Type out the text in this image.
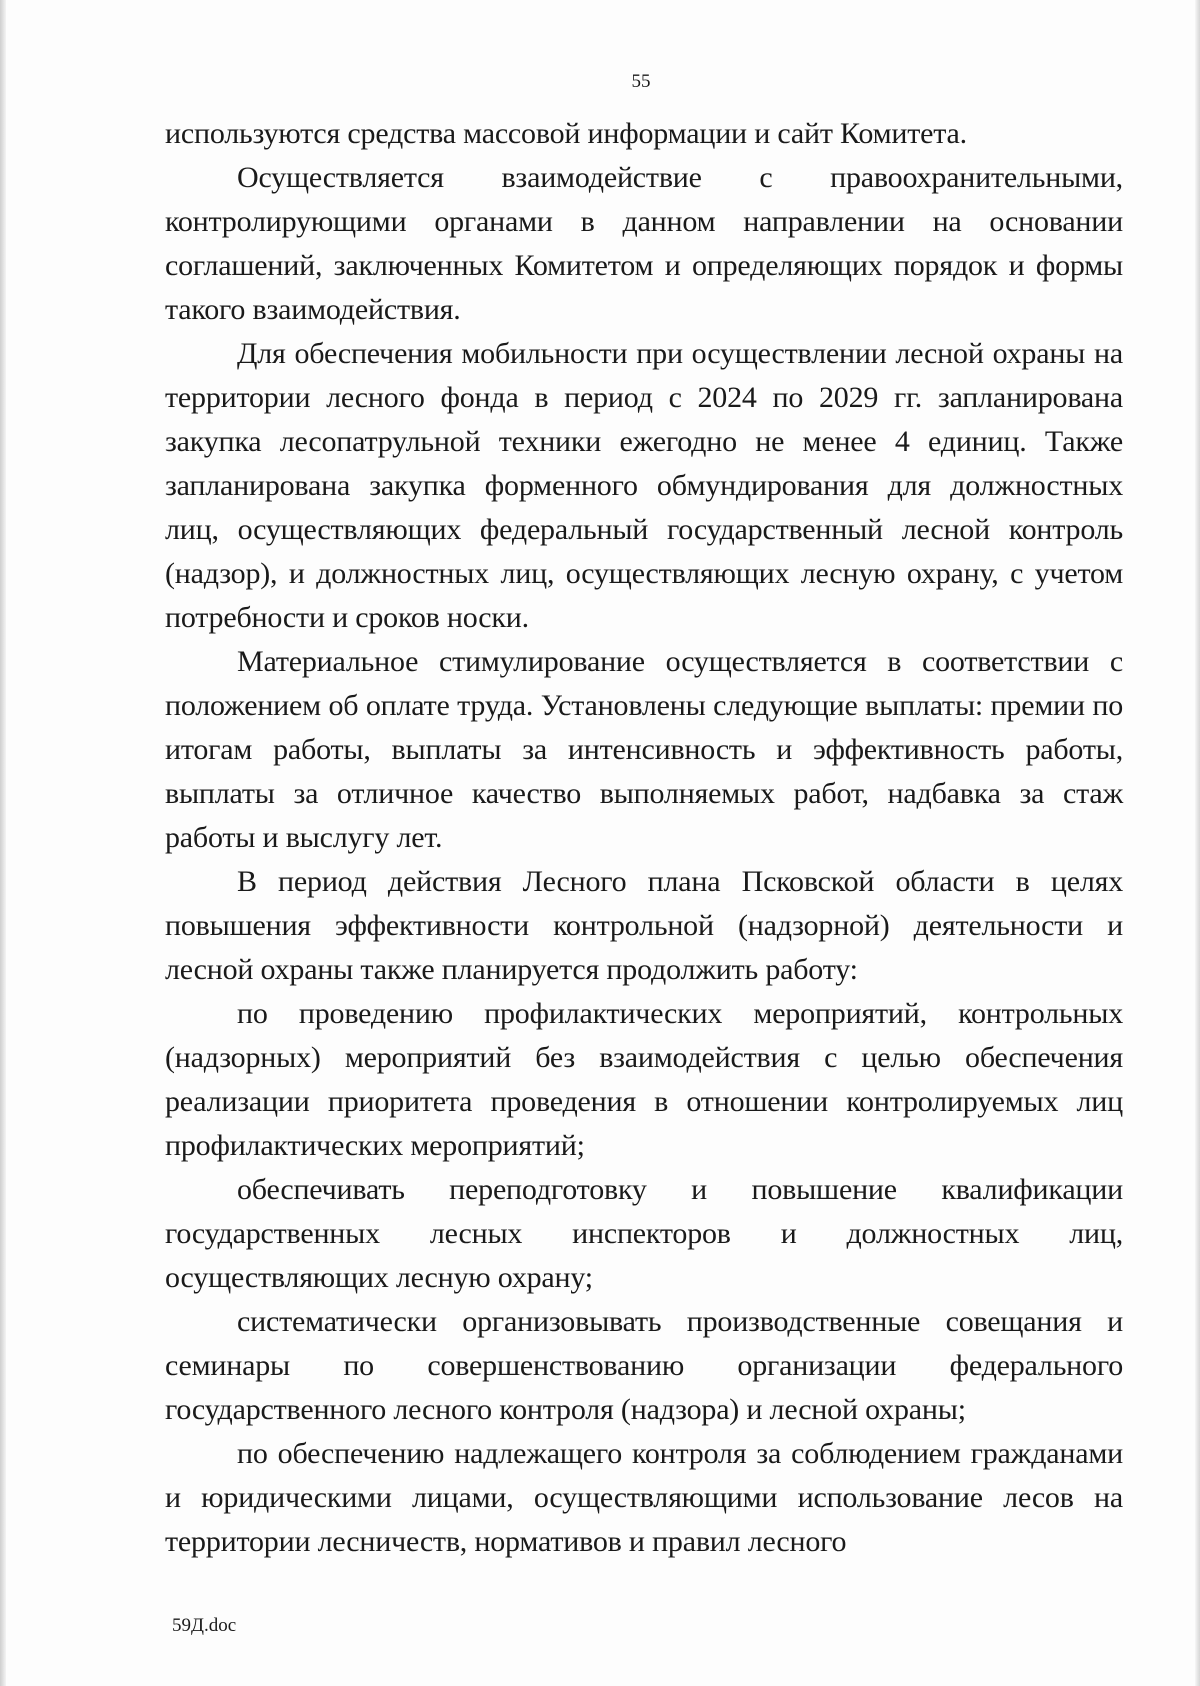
55

используются средства массовой информации и сайт Комитета.

Осуществляется взаимодействие с правоохранительными, контролирующими органами в данном направлении на основании соглашений, заключенных Комитетом и определяющих порядок и формы такого взаимодействия.

Для обеспечения мобильности при осуществлении лесной охраны на территории лесного фонда в период с 2024 по 2029 гг. запланирована закупка лесопатрульной техники ежегодно не менее 4 единиц. Также запланирована закупка форменного обмундирования для должностных лиц, осуществляющих федеральный государственный лесной контроль (надзор), и должностных лиц, осуществляющих лесную охрану, с учетом потребности и сроков носки.

Материальное стимулирование осуществляется в соответствии с положением об оплате труда. Установлены следующие выплаты: премии по итогам работы, выплаты за интенсивность и эффективность работы, выплаты за отличное качество выполняемых работ, надбавка за стаж работы и выслугу лет.

В период действия Лесного плана Псковской области в целях повышения эффективности контрольной (надзорной) деятельности и лесной охраны также планируется продолжить работу:

по проведению профилактических мероприятий, контрольных (надзорных) мероприятий без взаимодействия с целью обеспечения реализации приоритета проведения в отношении контролируемых лиц профилактических мероприятий;

обеспечивать переподготовку и повышение квалификации государственных лесных инспекторов и должностных лиц, осуществляющих лесную охрану;

систематически организовывать производственные совещания и семинары по совершенствованию организации федерального государственного лесного контроля (надзора) и лесной охраны;

по обеспечению надлежащего контроля за соблюдением гражданами и юридическими лицами, осуществляющими использование лесов на территории лесничеств, нормативов и правил лесного

59Д.doc
